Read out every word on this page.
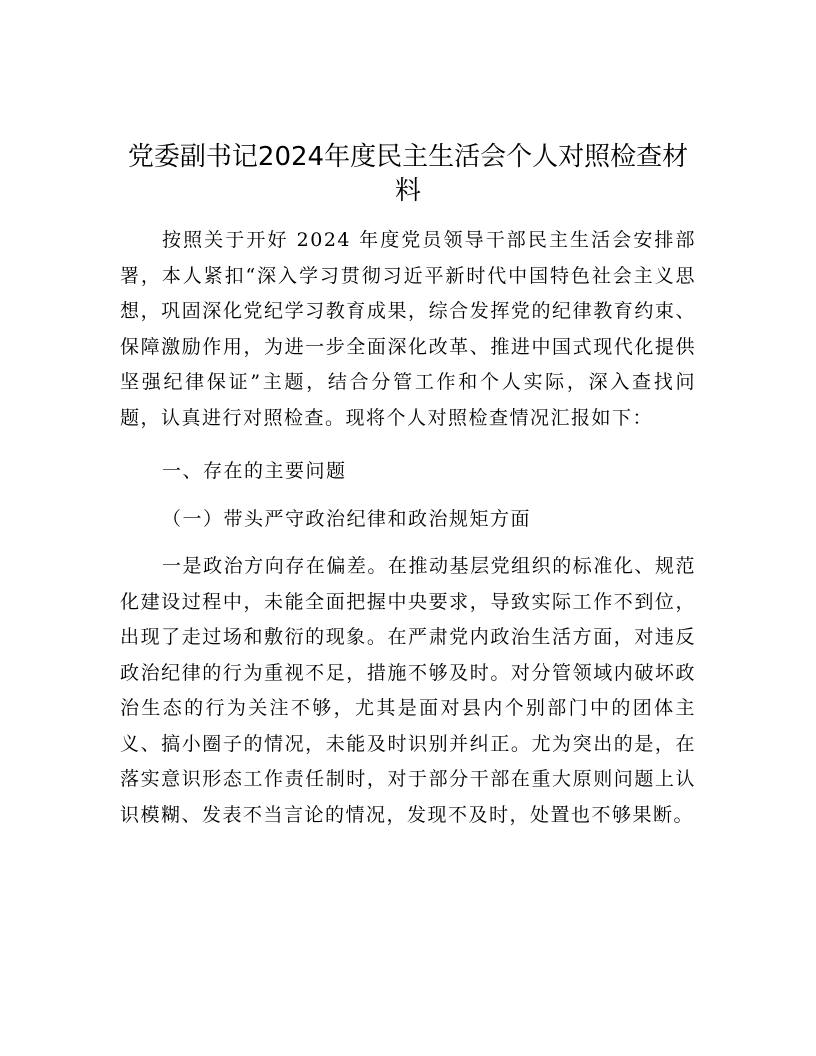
党委副书记2024年度民主生活会个人对照检查材料

按照关于开好 2024 年度党员领导干部民主生活会安排部署，本人紧扣“深入学习贯彻习近平新时代中国特色社会主义思想，巩固深化党纪学习教育成果，综合发挥党的纪律教育约束、保障激励作用，为进一步全面深化改革、推进中国式现代化提供坚强纪律保证”主题，结合分管工作和个人实际，深入查找问题，认真进行对照检查。现将个人对照检查情况汇报如下：

一、存在的主要问题

（一）带头严守政治纪律和政治规矩方面

一是政治方向存在偏差。在推动基层党组织的标准化、规范化建设过程中，未能全面把握中央要求，导致实际工作不到位，出现了走过场和敷衍的现象。在严肃党内政治生活方面，对违反政治纪律的行为重视不足，措施不够及时。对分管领域内破坏政治生态的行为关注不够，尤其是面对县内个别部门中的团体主义、搞小圈子的情况，未能及时识别并纠正。尤为突出的是，在落实意识形态工作责任制时，对于部分干部在重大原则问题上认识模糊、发表不当言论的情况，发现不及时，处置也不够果断。
